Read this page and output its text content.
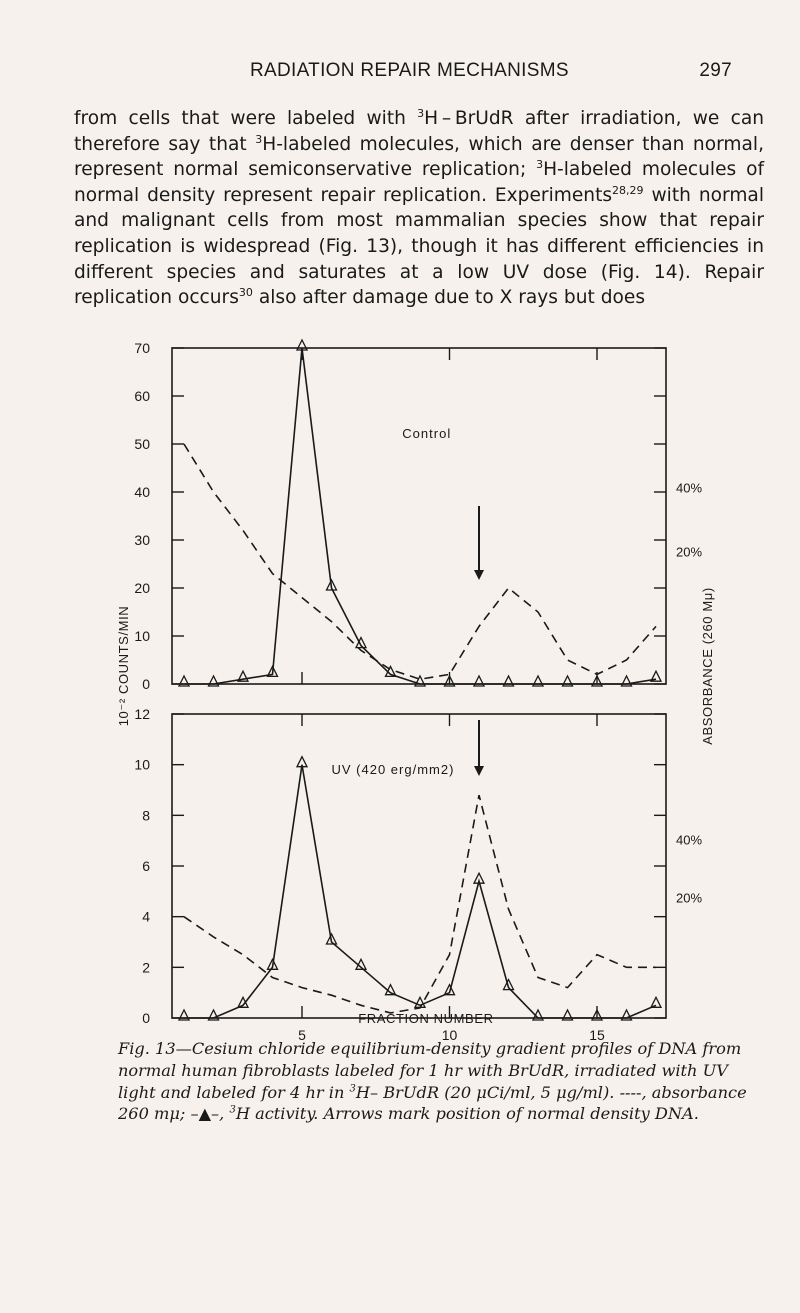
RADIATION REPAIR MECHANISMS	297

from cells that were labeled with $^3$H – BrUdR after irradiation, we can therefore say that $^3$H-labeled molecules, which are denser than normal, represent normal semiconservative replication; $^3$H-labeled molecules of normal density represent repair replication. Experiments$^{28,29}$ with normal and malignant cells from most mammalian species show that repair replication is widespread (Fig. 13), though it has different efficiencies in different species and saturates at a low UV dose (Fig. 14). Repair replication occurs$^{30}$ also after damage due to X rays but does

70
60
50
40
30
20
10
0
40%
20%
Control
12
10
8
6
4
2
0
40%
20%
UV (420 erg/mm2)
5	10	15
FRACTION NUMBER
10⁻² COUNTS/MIN	ABSORBANCE (260 Mμ)

Fig. 13—Cesium chloride equilibrium-density gradient profiles of DNA from normal human fibroblasts labeled for 1 hr with BrUdR, irradiated with UV light and labeled for 4 hr in $^3$H– BrUdR (20 μCi/ml, 5 μg/ml). ----, absorbance 260 mμ; –▲–, $^3$H activity. Arrows mark position of normal density DNA.
